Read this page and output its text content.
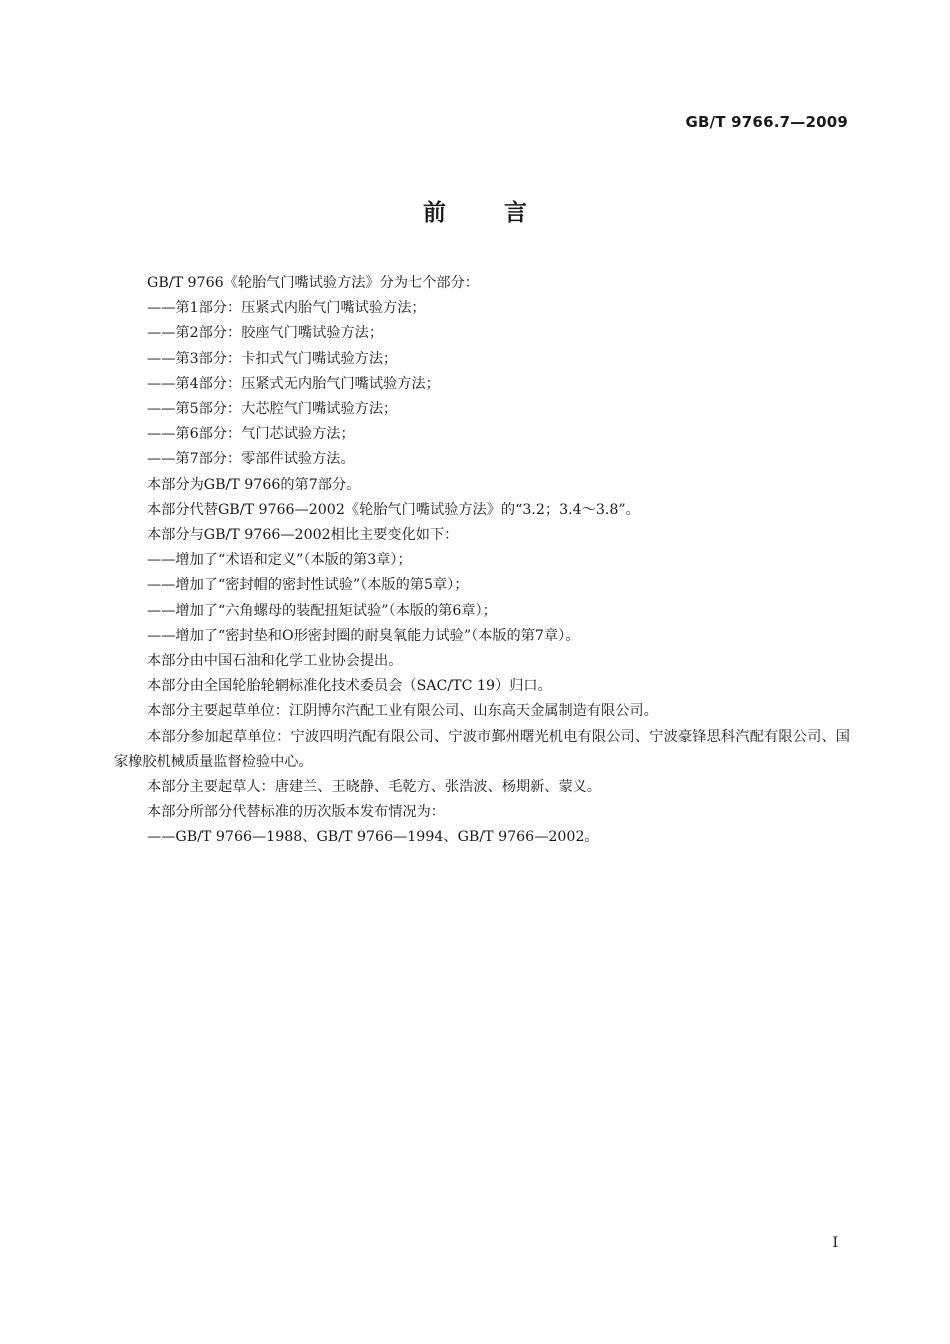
GB/T 9766.7—2009
前言

GB/T 9766《轮胎气门嘴试验方法》分为七个部分：

——第1部分：压紧式内胎气门嘴试验方法；

——第2部分：胶座气门嘴试验方法；

——第3部分：卡扣式气门嘴试验方法；

——第4部分：压紧式无内胎气门嘴试验方法；

——第5部分：大芯腔气门嘴试验方法；

——第6部分：气门芯试验方法；

——第7部分：零部件试验方法。

本部分为GB/T 9766的第7部分。

本部分代替GB/T 9766—2002《轮胎气门嘴试验方法》的“3.2；3.4～3.8”。

本部分与GB/T 9766—2002相比主要变化如下：

——增加了“术语和定义”（本版的第3章）；

——增加了“密封帽的密封性试验”（本版的第5章）；

——增加了“六角螺母的装配扭矩试验”（本版的第6章）；

——增加了“密封垫和O形密封圈的耐臭氧能力试验”（本版的第7章）。

本部分由中国石油和化学工业协会提出。

本部分由全国轮胎轮辋标准化技术委员会（SAC/TC 19）归口。

本部分主要起草单位：江阴博尔汽配工业有限公司、山东高天金属制造有限公司。

本部分参加起草单位：宁波四明汽配有限公司、宁波市鄞州曙光机电有限公司、宁波豪锋思科汽配有限公司、国家橡胶机械质量监督检验中心。

本部分主要起草人：唐建兰、王晓静、毛乾方、张浩波、杨期新、蒙义。

本部分所部分代替标准的历次版本发布情况为：

——GB/T 9766—1988、GB/T 9766—1994、GB/T 9766—2002。

I
